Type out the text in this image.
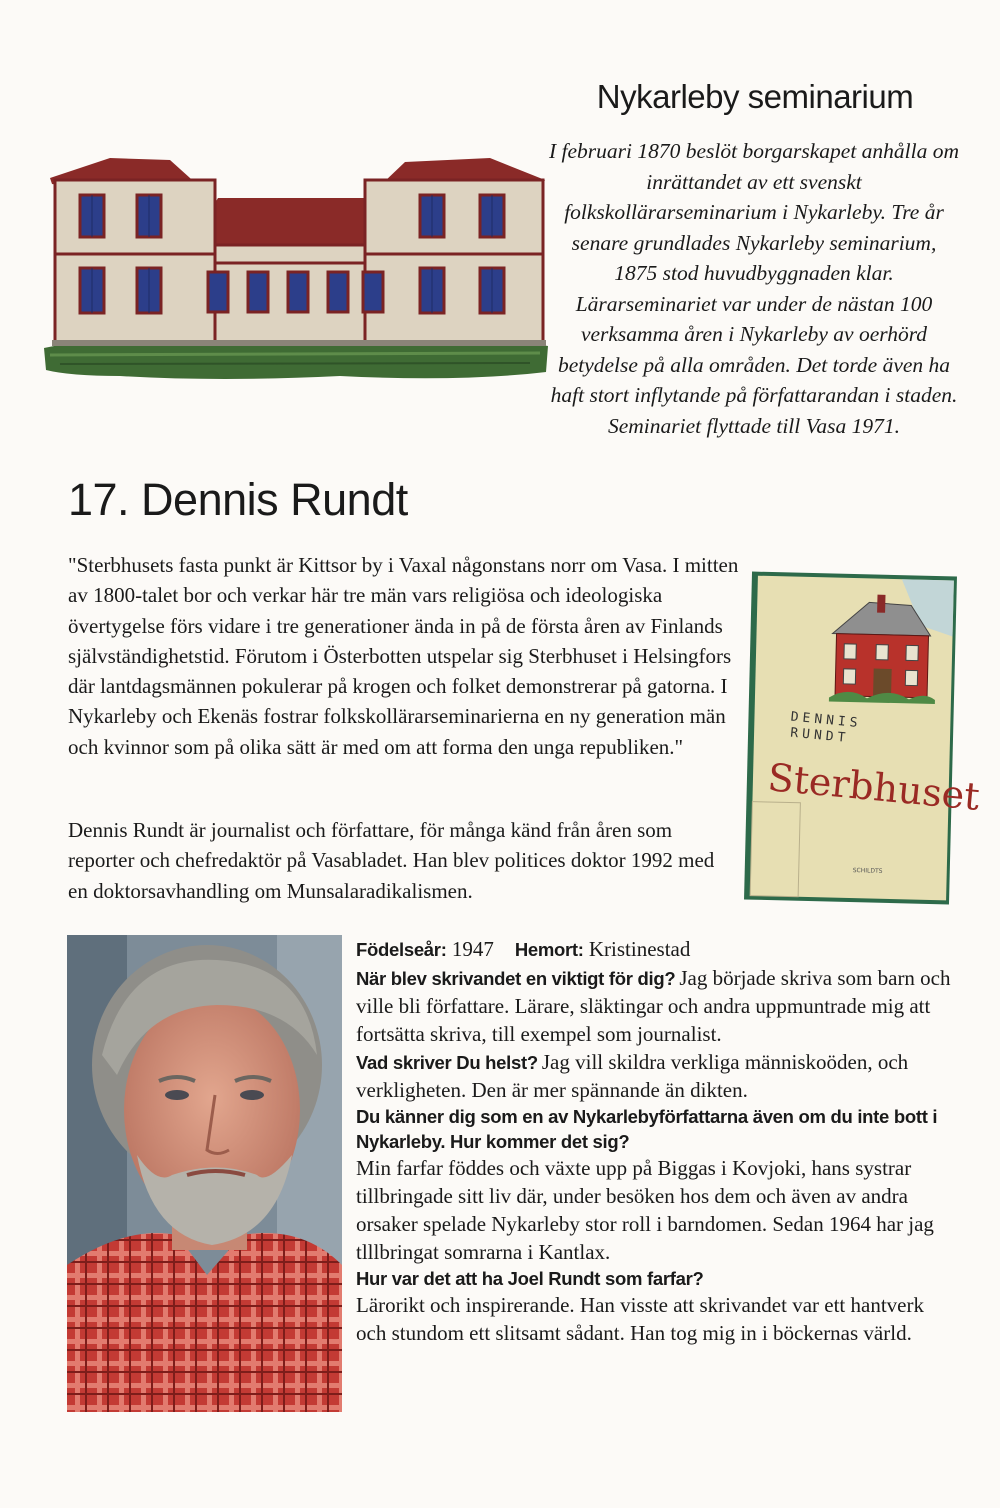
Nykarleby seminarium
I februari 1870 beslöt borgarskapet anhålla om inrättandet av ett svenskt folkskollärarseminarium i Nykarleby. Tre år senare grundlades Nykarleby seminarium, 1875 stod huvudbyggnaden klar. Lärarseminariet var under de nästan 100 verksamma åren i Nykarleby av oerhörd betydelse på alla områden. Det torde även ha haft stort inflytande på författarandan i staden. Seminariet flyttade till Vasa 1971.
17. Dennis Rundt
"Sterbhusets fasta punkt är Kittsor by i Vaxal någonstans norr om Vasa. I mitten av 1800-talet bor och verkar här tre män vars religiösa och ideologiska övertygelse förs vidare i tre generationer ända in på de första åren av Finlands självständighetstid. Förutom i Österbotten utspelar sig Sterbhuset i Helsingfors där lantdagsmännen pokulerar på krogen och folket demonstrerar på gatorna. I Nykarleby och Ekenäs fostrar folkskollärarseminarierna en ny generation män och kvinnor som på olika sätt är med om att forma den unga republiken."
Dennis Rundt är journalist och författare, för många känd från åren som reporter och chefredaktör på Vasabladet. Han blev politices doktor 1992 med en doktorsavhandling om Munsalaradikalismen.
DENNIS
RUNDT
Sterbhuset
SCHILDTS

Födelseår: 1947 Hemort: Kristinestad

När blev skrivandet en viktigt för dig? Jag började skriva som barn och ville bli författare. Lärare, släktingar och andra uppmuntrade mig att fortsätta skriva, till exempel som journalist.

Vad skriver Du helst? Jag vill skildra verkliga människoöden, och verkligheten. Den är mer spännande än dikten.

Du känner dig som en av Nykarlebyförfattarna även om du inte bott i Nykarleby. Hur kommer det sig?
Min farfar föddes och växte upp på Biggas i Kovjoki, hans systrar tillbringade sitt liv där, under besöken hos dem och även av andra orsaker spelade Nykarleby stor roll i barndomen. Sedan 1964 har jag tlllbringat somrarna i Kantlax.
Hur var det att ha Joel Rundt som farfar?
Lärorikt och inspirerande. Han visste att skrivandet var ett hantverk och stundom ett slitsamt sådant. Han tog mig in i böckernas värld.
